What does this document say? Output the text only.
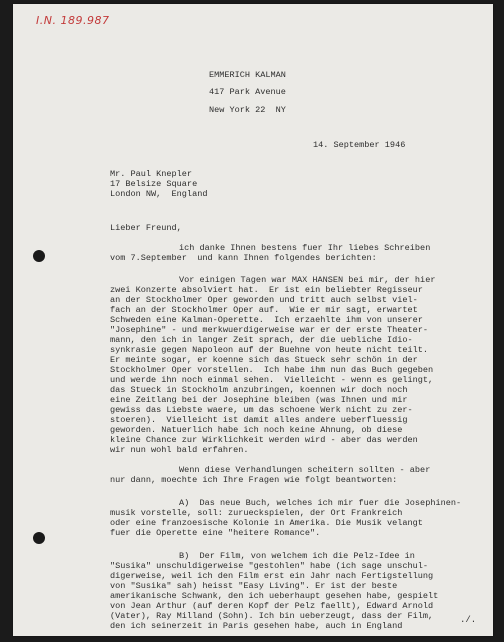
I.N. 189.987
EMMERICH KALMAN
417 Park Avenue
New York 22  NY
14. September 1946
Mr. Paul Knepler
17 Belsize Square
London NW,  England
Lieber Freund,
ich danke Ihnen bestens fuer Ihr liebes Schreiben
vom 7.September  und kann Ihnen folgendes berichten:
Vor einigen Tagen war MAX HANSEN bei mir, der hier
zwei Konzerte absolviert hat.  Er ist ein beliebter Regisseur
an der Stockholmer Oper geworden und tritt auch selbst viel-
fach an der Stockholmer Oper auf.  Wie er mir sagt, erwartet
Schweden eine Kalman-Operette.  Ich erzaehlte ihm von unserer
"Josephine" - und merkwuerdigerweise war er der erste Theater-
mann, den ich in langer Zeit sprach, der die uebliche Idio-
synkrasie gegen Napoleon auf der Buehne von heute nicht teilt.
Er meinte sogar, er koenne sich das Stueck sehr schön in der
Stockholmer Oper vorstellen.  Ich habe ihm nun das Buch gegeben
und werde ihn noch einmal sehen.  Vielleicht - wenn es gelingt,
das Stueck in Stockholm anzubringen, koennen wir doch noch
eine Zeitlang bei der Josephine bleiben (was Ihnen und mir
gewiss das Liebste waere, um das schoene Werk nicht zu zer-
stoeren).  Vielleicht ist damit alles andere ueberfluessig
geworden. Natuerlich habe ich noch keine Ahnung, ob diese
kleine Chance zur Wirklichkeit werden wird - aber das werden
wir nun wohl bald erfahren.
Wenn diese Verhandlungen scheitern sollten - aber
nur dann, moechte ich Ihre Fragen wie folgt beantworten:
A)  Das neue Buch, welches ich mir fuer die Josephinen-
musik vorstelle, soll: zurueckspielen, der Ort Frankreich
oder eine franzoesische Kolonie in Amerika. Die Musik velangt
fuer die Operette eine "heitere Romance".
B)  Der Film, von welchem ich die Pelz-Idee in
"Susika" unschuldigerweise "gestohlen" habe (ich sage unschul-
digerweise, weil ich den Film erst ein Jahr nach Fertigstellung
von "Susika" sah) heisst "Easy Living". Er ist der beste
amerikanische Schwank, den ich ueberhaupt gesehen habe, gespielt
von Jean Arthur (auf deren Kopf der Pelz faellt), Edward Arnold
(Vater), Ray Milland (Sohn). Ich bin ueberzeugt, dass der Film,
den ich seinerzeit in Paris gesehen habe, auch in England
./.
